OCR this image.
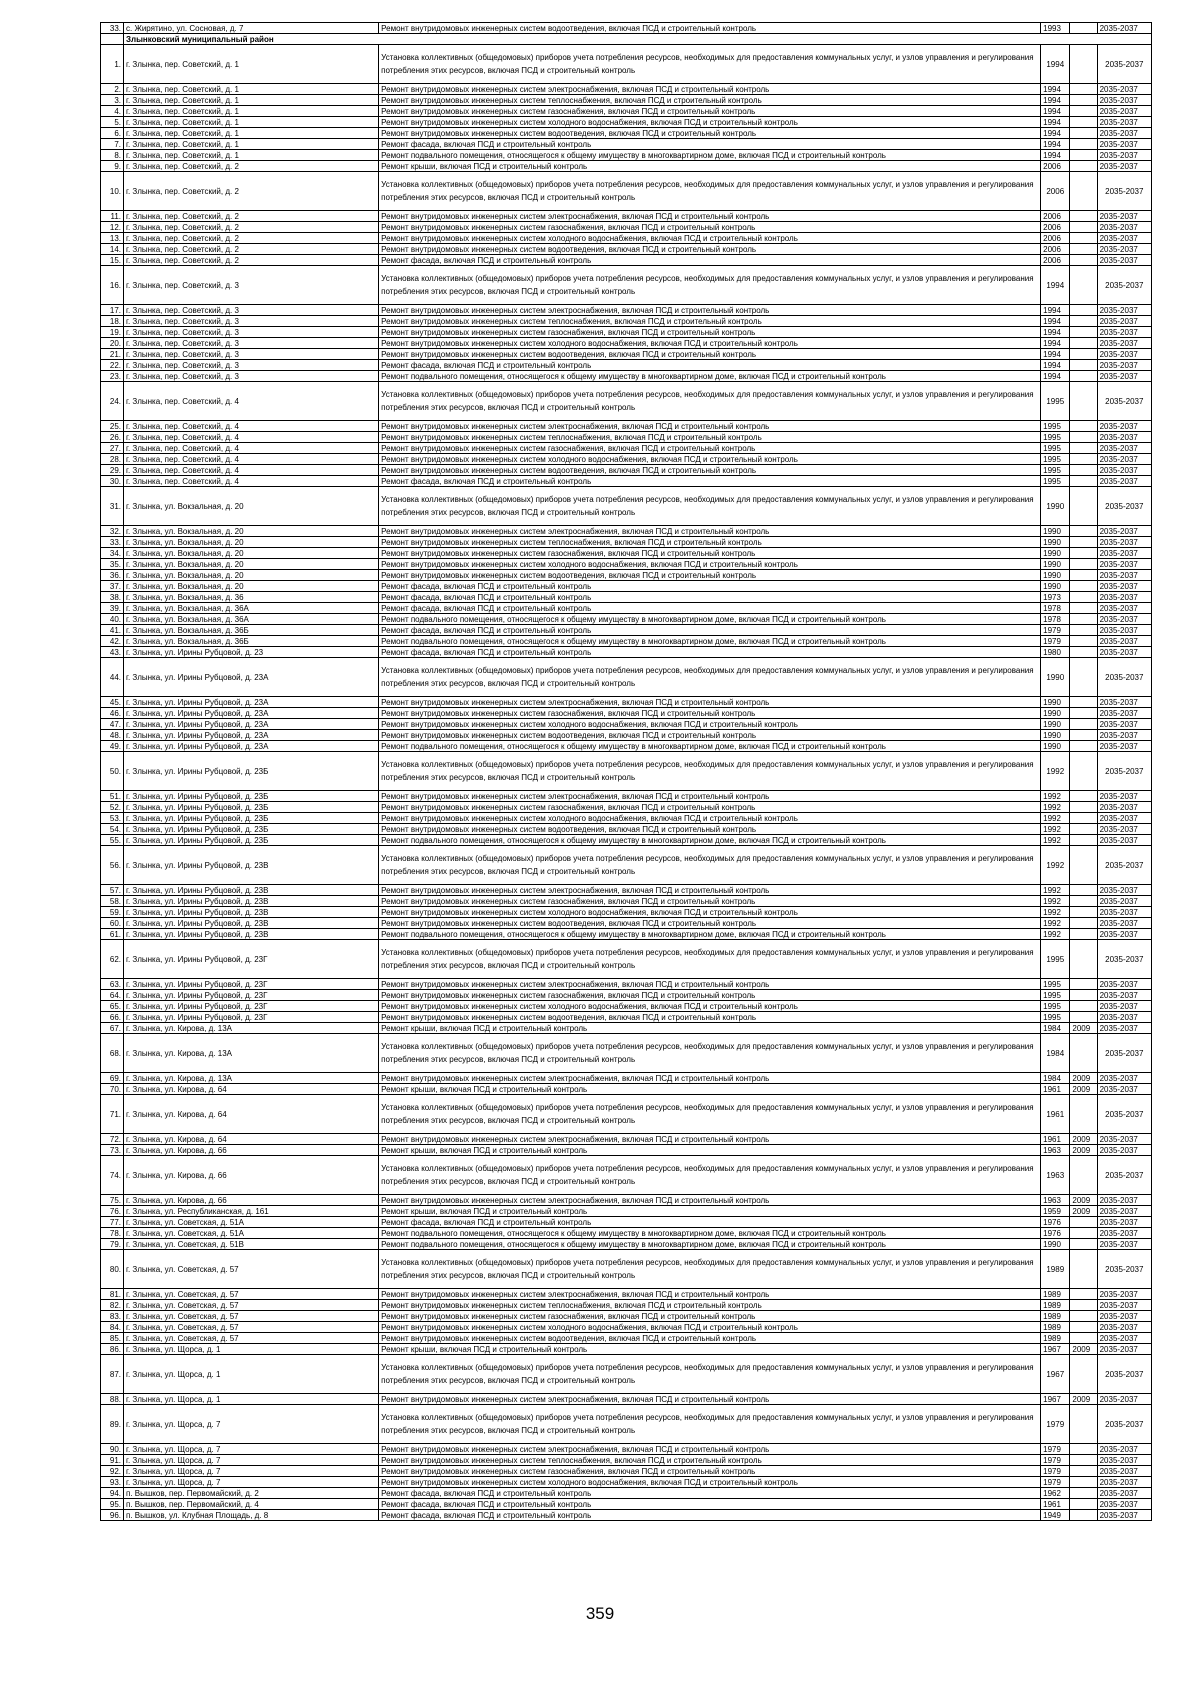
33.	с. Жирятино, ул. Сосновая, д. 7	Ремонт внутридомовых инженерных систем водоотведения, включая ПСД и строительный контроль	1993		2035-2037
	Злынковский муниципальный район				
1.	г. Злынка, пер. Советский, д. 1	Установка коллективных (общедомовых) приборов учета потребления ресурсов, необходимых для предоставления коммунальных услуг, и узлов управления и регулирования потребления этих ресурсов, включая ПСД и строительный контроль	1994		2035-2037
2.	г. Злынка, пер. Советский, д. 1	Ремонт внутридомовых инженерных систем электроснабжения, включая ПСД и строительный контроль	1994		2035-2037
3.	г. Злынка, пер. Советский, д. 1	Ремонт внутридомовых инженерных систем теплоснабжения, включая ПСД и строительный контроль	1994		2035-2037
4.	г. Злынка, пер. Советский, д. 1	Ремонт внутридомовых инженерных систем газоснабжения, включая ПСД и строительный контроль	1994		2035-2037
5.	г. Злынка, пер. Советский, д. 1	Ремонт внутридомовых инженерных систем холодного водоснабжения, включая ПСД и строительный контроль	1994		2035-2037
6.	г. Злынка, пер. Советский, д. 1	Ремонт внутридомовых инженерных систем водоотведения, включая ПСД и строительный контроль	1994		2035-2037
7.	г. Злынка, пер. Советский, д. 1	Ремонт фасада, включая ПСД и строительный контроль	1994		2035-2037
8.	г. Злынка, пер. Советский, д. 1	Ремонт подвального помещения, относящегося к общему имуществу в многоквартирном доме, включая ПСД и строительный контроль	1994		2035-2037
9.	г. Злынка, пер. Советский, д. 2	Ремонт крыши, включая ПСД и строительный контроль	2006		2035-2037
10.	г. Злынка, пер. Советский, д. 2	Установка коллективных (общедомовых) приборов учета потребления ресурсов, необходимых для предоставления коммунальных услуг, и узлов управления и регулирования потребления этих ресурсов, включая ПСД и строительный контроль	2006		2035-2037
11.	г. Злынка, пер. Советский, д. 2	Ремонт внутридомовых инженерных систем электроснабжения, включая ПСД и строительный контроль	2006		2035-2037
12.	г. Злынка, пер. Советский, д. 2	Ремонт внутридомовых инженерных систем газоснабжения, включая ПСД и строительный контроль	2006		2035-2037
13.	г. Злынка, пер. Советский, д. 2	Ремонт внутридомовых инженерных систем холодного водоснабжения, включая ПСД и строительный контроль	2006		2035-2037
14.	г. Злынка, пер. Советский, д. 2	Ремонт внутридомовых инженерных систем водоотведения, включая ПСД и строительный контроль	2006		2035-2037
15.	г. Злынка, пер. Советский, д. 2	Ремонт фасада, включая ПСД и строительный контроль	2006		2035-2037
16.	г. Злынка, пер. Советский, д. 3	Установка коллективных (общедомовых) приборов учета потребления ресурсов, необходимых для предоставления коммунальных услуг, и узлов управления и регулирования потребления этих ресурсов, включая ПСД и строительный контроль	1994		2035-2037
17.	г. Злынка, пер. Советский, д. 3	Ремонт внутридомовых инженерных систем электроснабжения, включая ПСД и строительный контроль	1994		2035-2037
18.	г. Злынка, пер. Советский, д. 3	Ремонт внутридомовых инженерных систем теплоснабжения, включая ПСД и строительный контроль	1994		2035-2037
19.	г. Злынка, пер. Советский, д. 3	Ремонт внутридомовых инженерных систем газоснабжения, включая ПСД и строительный контроль	1994		2035-2037
20.	г. Злынка, пер. Советский, д. 3	Ремонт внутридомовых инженерных систем холодного водоснабжения, включая ПСД и строительный контроль	1994		2035-2037
21.	г. Злынка, пер. Советский, д. 3	Ремонт внутридомовых инженерных систем водоотведения, включая ПСД и строительный контроль	1994		2035-2037
22.	г. Злынка, пер. Советский, д. 3	Ремонт фасада, включая ПСД и строительный контроль	1994		2035-2037
23.	г. Злынка, пер. Советский, д. 3	Ремонт подвального помещения, относящегося к общему имуществу в многоквартирном доме, включая ПСД и строительный контроль	1994		2035-2037
24.	г. Злынка, пер. Советский, д. 4	Установка коллективных (общедомовых) приборов учета потребления ресурсов, необходимых для предоставления коммунальных услуг, и узлов управления и регулирования потребления этих ресурсов, включая ПСД и строительный контроль	1995		2035-2037
25.	г. Злынка, пер. Советский, д. 4	Ремонт внутридомовых инженерных систем электроснабжения, включая ПСД и строительный контроль	1995		2035-2037
26.	г. Злынка, пер. Советский, д. 4	Ремонт внутридомовых инженерных систем теплоснабжения, включая ПСД и строительный контроль	1995		2035-2037
27.	г. Злынка, пер. Советский, д. 4	Ремонт внутридомовых инженерных систем газоснабжения, включая ПСД и строительный контроль	1995		2035-2037
28.	г. Злынка, пер. Советский, д. 4	Ремонт внутридомовых инженерных систем холодного водоснабжения, включая ПСД и строительный контроль	1995		2035-2037
29.	г. Злынка, пер. Советский, д. 4	Ремонт внутридомовых инженерных систем водоотведения, включая ПСД и строительный контроль	1995		2035-2037
30.	г. Злынка, пер. Советский, д. 4	Ремонт фасада, включая ПСД и строительный контроль	1995		2035-2037
31.	г. Злынка, ул. Вокзальная, д. 20	Установка коллективных (общедомовых) приборов учета потребления ресурсов, необходимых для предоставления коммунальных услуг, и узлов управления и регулирования потребления этих ресурсов, включая ПСД и строительный контроль	1990		2035-2037
32.	г. Злынка, ул. Вокзальная, д. 20	Ремонт внутридомовых инженерных систем электроснабжения, включая ПСД и строительный контроль	1990		2035-2037
33.	г. Злынка, ул. Вокзальная, д. 20	Ремонт внутридомовых инженерных систем теплоснабжения, включая ПСД и строительный контроль	1990		2035-2037
34.	г. Злынка, ул. Вокзальная, д. 20	Ремонт внутридомовых инженерных систем газоснабжения, включая ПСД и строительный контроль	1990		2035-2037
35.	г. Злынка, ул. Вокзальная, д. 20	Ремонт внутридомовых инженерных систем холодного водоснабжения, включая ПСД и строительный контроль	1990		2035-2037
36.	г. Злынка, ул. Вокзальная, д. 20	Ремонт внутридомовых инженерных систем водоотведения, включая ПСД и строительный контроль	1990		2035-2037
37.	г. Злынка, ул. Вокзальная, д. 20	Ремонт фасада, включая ПСД и строительный контроль	1990		2035-2037
38.	г. Злынка, ул. Вокзальная, д. 36	Ремонт фасада, включая ПСД и строительный контроль	1973		2035-2037
39.	г. Злынка, ул. Вокзальная, д. 36А	Ремонт фасада, включая ПСД и строительный контроль	1978		2035-2037
40.	г. Злынка, ул. Вокзальная, д. 36А	Ремонт подвального помещения, относящегося к общему имуществу в многоквартирном доме, включая ПСД и строительный контроль	1978		2035-2037
41.	г. Злынка, ул. Вокзальная, д. 36Б	Ремонт фасада, включая ПСД и строительный контроль	1979		2035-2037
42.	г. Злынка, ул. Вокзальная, д. 36Б	Ремонт подвального помещения, относящегося к общему имуществу в многоквартирном доме, включая ПСД и строительный контроль	1979		2035-2037
43.	г. Злынка, ул. Ирины Рубцовой, д. 23	Ремонт фасада, включая ПСД и строительный контроль	1980		2035-2037
44.	г. Злынка, ул. Ирины Рубцовой, д. 23А	Установка коллективных (общедомовых) приборов учета потребления ресурсов, необходимых для предоставления коммунальных услуг, и узлов управления и регулирования потребления этих ресурсов, включая ПСД и строительный контроль	1990		2035-2037
45.	г. Злынка, ул. Ирины Рубцовой, д. 23А	Ремонт внутридомовых инженерных систем электроснабжения, включая ПСД и строительный контроль	1990		2035-2037
46.	г. Злынка, ул. Ирины Рубцовой, д. 23А	Ремонт внутридомовых инженерных систем газоснабжения, включая ПСД и строительный контроль	1990		2035-2037
47.	г. Злынка, ул. Ирины Рубцовой, д. 23А	Ремонт внутридомовых инженерных систем холодного водоснабжения, включая ПСД и строительный контроль	1990		2035-2037
48.	г. Злынка, ул. Ирины Рубцовой, д. 23А	Ремонт внутридомовых инженерных систем водоотведения, включая ПСД и строительный контроль	1990		2035-2037
49.	г. Злынка, ул. Ирины Рубцовой, д. 23А	Ремонт подвального помещения, относящегося к общему имуществу в многоквартирном доме, включая ПСД и строительный контроль	1990		2035-2037
50.	г. Злынка, ул. Ирины Рубцовой, д. 23Б	Установка коллективных (общедомовых) приборов учета потребления ресурсов, необходимых для предоставления коммунальных услуг, и узлов управления и регулирования потребления этих ресурсов, включая ПСД и строительный контроль	1992		2035-2037
51.	г. Злынка, ул. Ирины Рубцовой, д. 23Б	Ремонт внутридомовых инженерных систем электроснабжения, включая ПСД и строительный контроль	1992		2035-2037
52.	г. Злынка, ул. Ирины Рубцовой, д. 23Б	Ремонт внутридомовых инженерных систем газоснабжения, включая ПСД и строительный контроль	1992		2035-2037
53.	г. Злынка, ул. Ирины Рубцовой, д. 23Б	Ремонт внутридомовых инженерных систем холодного водоснабжения, включая ПСД и строительный контроль	1992		2035-2037
54.	г. Злынка, ул. Ирины Рубцовой, д. 23Б	Ремонт внутридомовых инженерных систем водоотведения, включая ПСД и строительный контроль	1992		2035-2037
55.	г. Злынка, ул. Ирины Рубцовой, д. 23Б	Ремонт подвального помещения, относящегося к общему имуществу в многоквартирном доме, включая ПСД и строительный контроль	1992		2035-2037
56.	г. Злынка, ул. Ирины Рубцовой, д. 23В	Установка коллективных (общедомовых) приборов учета потребления ресурсов, необходимых для предоставления коммунальных услуг, и узлов управления и регулирования потребления этих ресурсов, включая ПСД и строительный контроль	1992		2035-2037
57.	г. Злынка, ул. Ирины Рубцовой, д. 23В	Ремонт внутридомовых инженерных систем электроснабжения, включая ПСД и строительный контроль	1992		2035-2037
58.	г. Злынка, ул. Ирины Рубцовой, д. 23В	Ремонт внутридомовых инженерных систем газоснабжения, включая ПСД и строительный контроль	1992		2035-2037
59.	г. Злынка, ул. Ирины Рубцовой, д. 23В	Ремонт внутридомовых инженерных систем холодного водоснабжения, включая ПСД и строительный контроль	1992		2035-2037
60.	г. Злынка, ул. Ирины Рубцовой, д. 23В	Ремонт внутридомовых инженерных систем водоотведения, включая ПСД и строительный контроль	1992		2035-2037
61.	г. Злынка, ул. Ирины Рубцовой, д. 23В	Ремонт подвального помещения, относящегося к общему имуществу в многоквартирном доме, включая ПСД и строительный контроль	1992		2035-2037
62.	г. Злынка, ул. Ирины Рубцовой, д. 23Г	Установка коллективных (общедомовых) приборов учета потребления ресурсов, необходимых для предоставления коммунальных услуг, и узлов управления и регулирования потребления этих ресурсов, включая ПСД и строительный контроль	1995		2035-2037
63.	г. Злынка, ул. Ирины Рубцовой, д. 23Г	Ремонт внутридомовых инженерных систем электроснабжения, включая ПСД и строительный контроль	1995		2035-2037
64.	г. Злынка, ул. Ирины Рубцовой, д. 23Г	Ремонт внутридомовых инженерных систем газоснабжения, включая ПСД и строительный контроль	1995		2035-2037
65.	г. Злынка, ул. Ирины Рубцовой, д. 23Г	Ремонт внутридомовых инженерных систем холодного водоснабжения, включая ПСД и строительный контроль	1995		2035-2037
66.	г. Злынка, ул. Ирины Рубцовой, д. 23Г	Ремонт внутридомовых инженерных систем водоотведения, включая ПСД и строительный контроль	1995		2035-2037
67.	г. Злынка, ул. Кирова, д. 13А	Ремонт крыши, включая ПСД и строительный контроль	1984	2009	2035-2037
68.	г. Злынка, ул. Кирова, д. 13А	Установка коллективных (общедомовых) приборов учета потребления ресурсов, необходимых для предоставления коммунальных услуг, и узлов управления и регулирования потребления этих ресурсов, включая ПСД и строительный контроль	1984		2035-2037
69.	г. Злынка, ул. Кирова, д. 13А	Ремонт внутридомовых инженерных систем электроснабжения, включая ПСД и строительный контроль	1984	2009	2035-2037
70.	г. Злынка, ул. Кирова, д. 64	Ремонт крыши, включая ПСД и строительный контроль	1961	2009	2035-2037
71.	г. Злынка, ул. Кирова, д. 64	Установка коллективных (общедомовых) приборов учета потребления ресурсов, необходимых для предоставления коммунальных услуг, и узлов управления и регулирования потребления этих ресурсов, включая ПСД и строительный контроль	1961		2035-2037
72.	г. Злынка, ул. Кирова, д. 64	Ремонт внутридомовых инженерных систем электроснабжения, включая ПСД и строительный контроль	1961	2009	2035-2037
73.	г. Злынка, ул. Кирова, д. 66	Ремонт крыши, включая ПСД и строительный контроль	1963	2009	2035-2037
74.	г. Злынка, ул. Кирова, д. 66	Установка коллективных (общедомовых) приборов учета потребления ресурсов, необходимых для предоставления коммунальных услуг, и узлов управления и регулирования потребления этих ресурсов, включая ПСД и строительный контроль	1963		2035-2037
75.	г. Злынка, ул. Кирова, д. 66	Ремонт внутридомовых инженерных систем электроснабжения, включая ПСД и строительный контроль	1963	2009	2035-2037
76.	г. Злынка, ул. Республиканская, д. 161	Ремонт крыши, включая ПСД и строительный контроль	1959	2009	2035-2037
77.	г. Злынка, ул. Советская, д. 51А	Ремонт фасада, включая ПСД и строительный контроль	1976		2035-2037
78.	г. Злынка, ул. Советская, д. 51А	Ремонт подвального помещения, относящегося к общему имуществу в многоквартирном доме, включая ПСД и строительный контроль	1976		2035-2037
79.	г. Злынка, ул. Советская, д. 51В	Ремонт подвального помещения, относящегося к общему имуществу в многоквартирном доме, включая ПСД и строительный контроль	1990		2035-2037
80.	г. Злынка, ул. Советская, д. 57	Установка коллективных (общедомовых) приборов учета потребления ресурсов, необходимых для предоставления коммунальных услуг, и узлов управления и регулирования потребления этих ресурсов, включая ПСД и строительный контроль	1989		2035-2037
81.	г. Злынка, ул. Советская, д. 57	Ремонт внутридомовых инженерных систем электроснабжения, включая ПСД и строительный контроль	1989		2035-2037
82.	г. Злынка, ул. Советская, д. 57	Ремонт внутридомовых инженерных систем теплоснабжения, включая ПСД и строительный контроль	1989		2035-2037
83.	г. Злынка, ул. Советская, д. 57	Ремонт внутридомовых инженерных систем газоснабжения, включая ПСД и строительный контроль	1989		2035-2037
84.	г. Злынка, ул. Советская, д. 57	Ремонт внутридомовых инженерных систем холодного водоснабжения, включая ПСД и строительный контроль	1989		2035-2037
85.	г. Злынка, ул. Советская, д. 57	Ремонт внутридомовых инженерных систем водоотведения, включая ПСД и строительный контроль	1989		2035-2037
86.	г. Злынка, ул. Щорса, д. 1	Ремонт крыши, включая ПСД и строительный контроль	1967	2009	2035-2037
87.	г. Злынка, ул. Щорса, д. 1	Установка коллективных (общедомовых) приборов учета потребления ресурсов, необходимых для предоставления коммунальных услуг, и узлов управления и регулирования потребления этих ресурсов, включая ПСД и строительный контроль	1967		2035-2037
88.	г. Злынка, ул. Щорса, д. 1	Ремонт внутридомовых инженерных систем электроснабжения, включая ПСД и строительный контроль	1967	2009	2035-2037
89.	г. Злынка, ул. Щорса, д. 7	Установка коллективных (общедомовых) приборов учета потребления ресурсов, необходимых для предоставления коммунальных услуг, и узлов управления и регулирования потребления этих ресурсов, включая ПСД и строительный контроль	1979		2035-2037
90.	г. Злынка, ул. Щорса, д. 7	Ремонт внутридомовых инженерных систем электроснабжения, включая ПСД и строительный контроль	1979		2035-2037
91.	г. Злынка, ул. Щорса, д. 7	Ремонт внутридомовых инженерных систем теплоснабжения, включая ПСД и строительный контроль	1979		2035-2037
92.	г. Злынка, ул. Щорса, д. 7	Ремонт внутридомовых инженерных систем газоснабжения, включая ПСД и строительный контроль	1979		2035-2037
93.	г. Злынка, ул. Щорса, д. 7	Ремонт внутридомовых инженерных систем холодного водоснабжения, включая ПСД и строительный контроль	1979		2035-2037
94.	п. Вышков, пер. Первомайский, д. 2	Ремонт фасада, включая ПСД и строительный контроль	1962		2035-2037
95.	п. Вышков, пер. Первомайский, д. 4	Ремонт фасада, включая ПСД и строительный контроль	1961		2035-2037
96.	п. Вышков, ул. Клубная Площадь, д. 8	Ремонт фасада, включая ПСД и строительный контроль	1949		2035-2037
359
